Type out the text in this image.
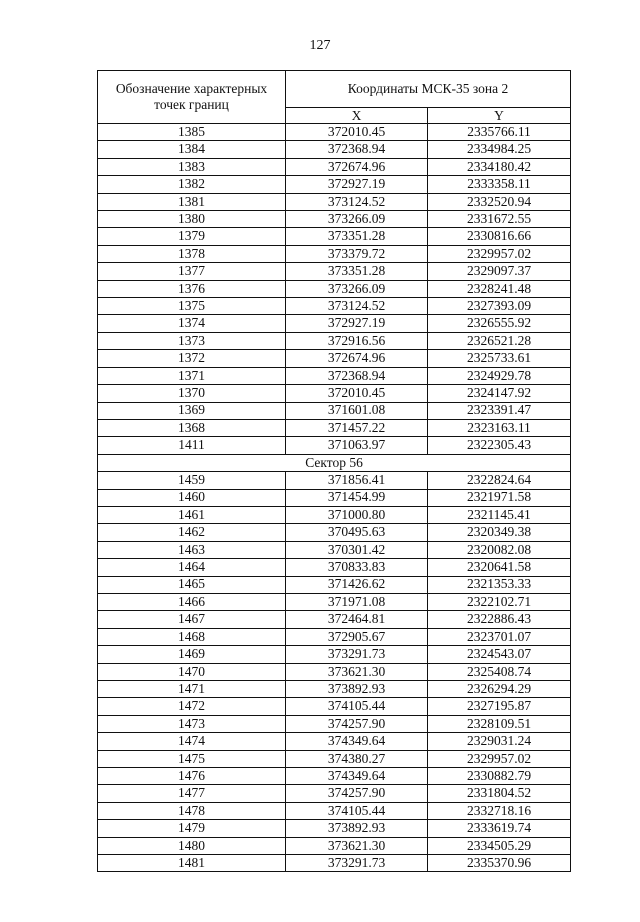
127
Обозначение характерных точек границ	Координаты МСК-35 зона 2	
	X	Y
1385	372010.45	2335766.11
1384	372368.94	2334984.25
1383	372674.96	2334180.42
1382	372927.19	2333358.11
1381	373124.52	2332520.94
1380	373266.09	2331672.55
1379	373351.28	2330816.66
1378	373379.72	2329957.02
1377	373351.28	2329097.37
1376	373266.09	2328241.48
1375	373124.52	2327393.09
1374	372927.19	2326555.92
1373	372916.56	2326521.28
1372	372674.96	2325733.61
1371	372368.94	2324929.78
1370	372010.45	2324147.92
1369	371601.08	2323391.47
1368	371457.22	2323163.11
1411	371063.97	2322305.43
Сектор 56		
1459	371856.41	2322824.64
1460	371454.99	2321971.58
1461	371000.80	2321145.41
1462	370495.63	2320349.38
1463	370301.42	2320082.08
1464	370833.83	2320641.58
1465	371426.62	2321353.33
1466	371971.08	2322102.71
1467	372464.81	2322886.43
1468	372905.67	2323701.07
1469	373291.73	2324543.07
1470	373621.30	2325408.74
1471	373892.93	2326294.29
1472	374105.44	2327195.87
1473	374257.90	2328109.51
1474	374349.64	2329031.24
1475	374380.27	2329957.02
1476	374349.64	2330882.79
1477	374257.90	2331804.52
1478	374105.44	2332718.16
1479	373892.93	2333619.74
1480	373621.30	2334505.29
1481	373291.73	2335370.96
